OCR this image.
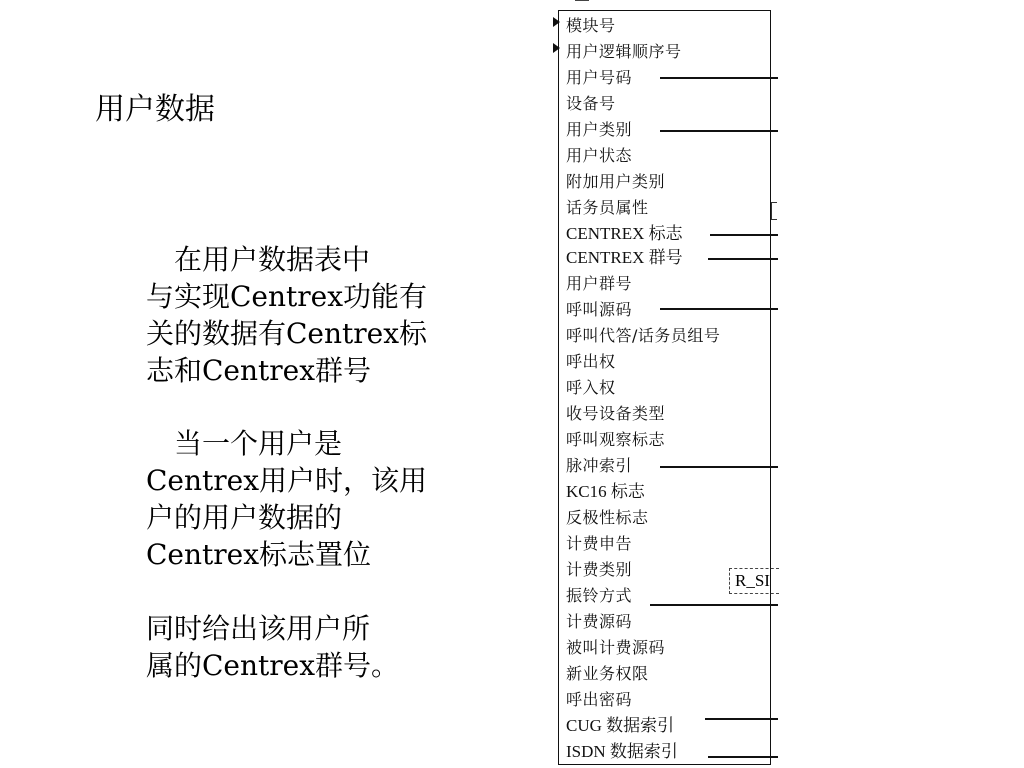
用户数据

　在用户数据表中
与实现Centrex功能有
关的数据有Centrex标
志和Centrex群号

　当一个用户是
Centrex用户时，该用
户的用户数据的
Centrex标志置位

同时给出该用户所
属的Centrex群号。

模块号
用户逻辑顺序号
用户号码
设备号
用户类别
用户状态
附加用户类别
话务员属性
CENTREX 标志
CENTREX 群号
用户群号
呼叫源码
呼叫代答/话务员组号
呼出权
呼入权
收号设备类型
呼叫观察标志
脉冲索引
KC16 标志
反极性标志
计费申告
计费类别
振铃方式
计费源码
被叫计费源码
新业务权限
呼出密码
CUG 数据索引
ISDN 数据索引
R_SI
